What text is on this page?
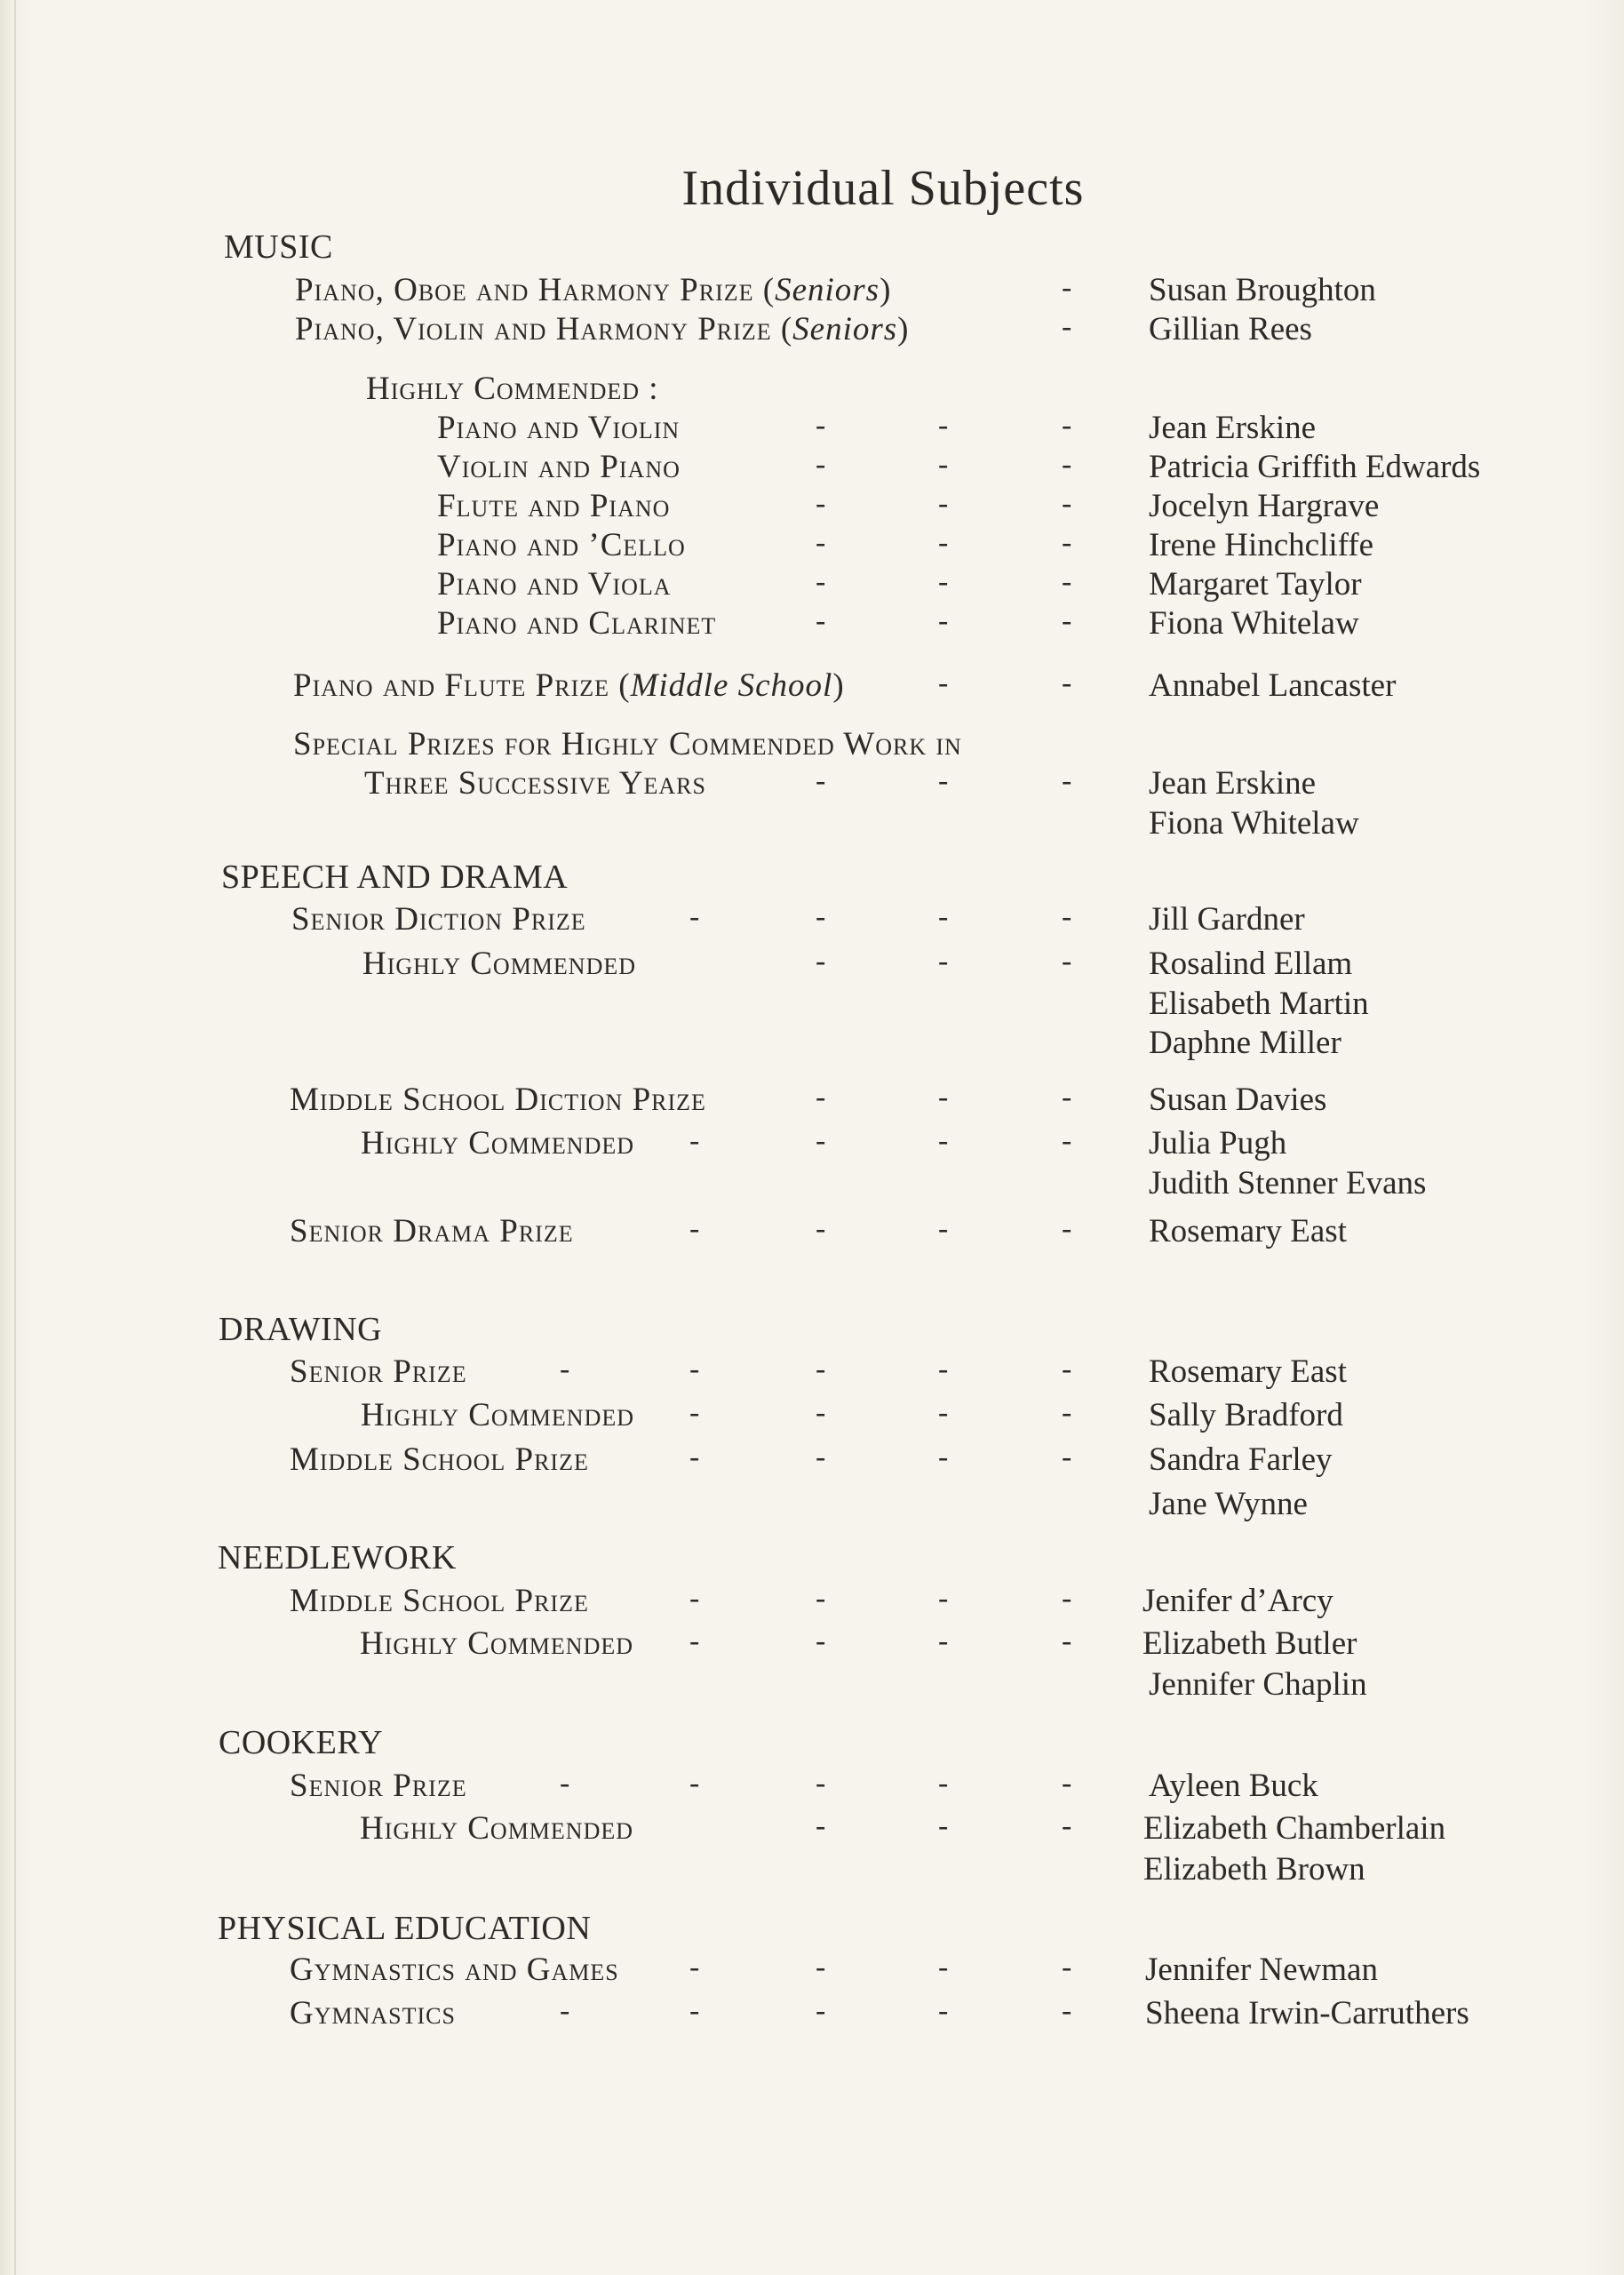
Individual Subjects
MUSIC
Piano, Oboe and Harmony Prize (Seniors)	- Susan Broughton
Piano, Violin and Harmony Prize (Seniors)	- Gillian Rees
Highly Commended :
Piano and Violin	-	-	- Jean Erskine
Violin and Piano	-	-	- Patricia Griffith Edwards
Flute and Piano	-	-	- Jocelyn Hargrave
Piano and ’Cello	-	-	- Irene Hinchcliffe
Piano and Viola	-	-	- Margaret Taylor
Piano and Clarinet	-	-	- Fiona Whitelaw
Piano and Flute Prize (Middle School)	-	- Annabel Lancaster
Special Prizes for Highly Commended Work in
Three Successive Years	-	-	- Jean Erskine
Fiona Whitelaw
SPEECH AND DRAMA
Senior Diction Prize	-	-	-	- Jill Gardner
Highly Commended	-	-	- Rosalind Ellam
Elisabeth Martin
Daphne Miller
Middle School Diction Prize	-	-	- Susan Davies
Highly Commended -	-	-	- Julia Pugh
Judith Stenner Evans
Senior Drama Prize	-	-	-	- Rosemary East
DRAWING
Senior Prize	-	-	-	-	- Rosemary East
Highly Commended -	-	-	- Sally Bradford
Middle School Prize	-	-	-	- Sandra Farley
Jane Wynne
NEEDLEWORK
Middle School Prize	-	-	-	- Jenifer d’Arcy
Highly Commended -	-	-	- Elizabeth Butler
Jennifer Chaplin
COOKERY
Senior Prize	-	-	-	-	- Ayleen Buck
Highly Commended	-	-	- Elizabeth Chamberlain
Elizabeth Brown
PHYSICAL EDUCATION
Gymnastics and Games -	-	-	- Jennifer Newman
Gymnastics	-	-	-	-	- Sheena Irwin-Carruthers
